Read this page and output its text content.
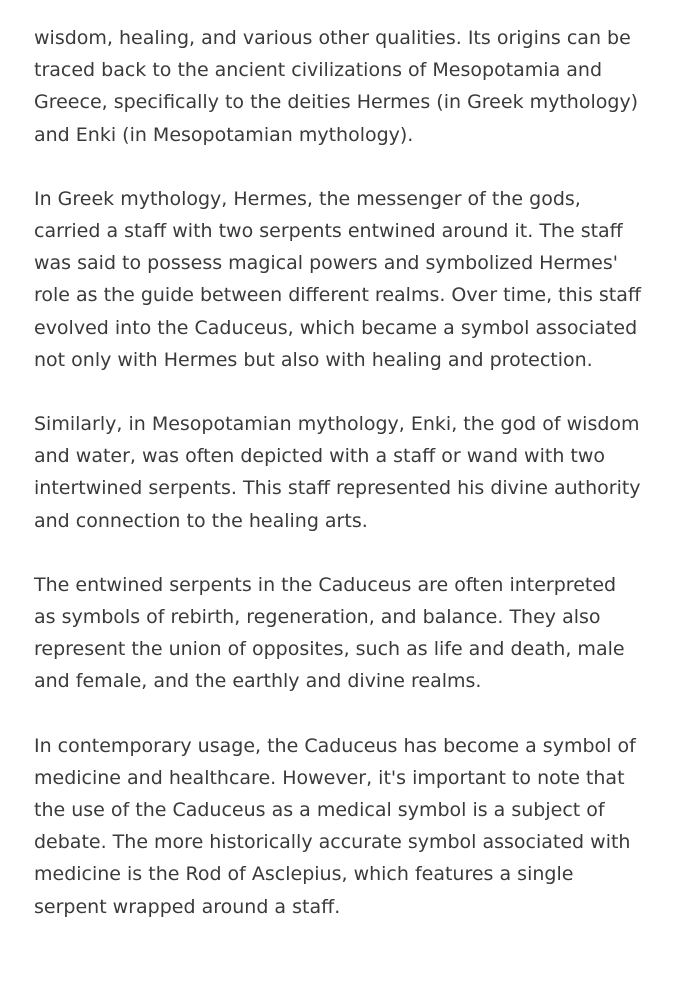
wisdom, healing, and various other qualities. Its origins can be
traced back to the ancient civilizations of Mesopotamia and
Greece, specifically to the deities Hermes (in Greek mythology)
and Enki (in Mesopotamian mythology).

In Greek mythology, Hermes, the messenger of the gods,
carried a staff with two serpents entwined around it. The staff
was said to possess magical powers and symbolized Hermes'
role as the guide between different realms. Over time, this staff
evolved into the Caduceus, which became a symbol associated
not only with Hermes but also with healing and protection.

Similarly, in Mesopotamian mythology, Enki, the god of wisdom
and water, was often depicted with a staff or wand with two
intertwined serpents. This staff represented his divine authority
and connection to the healing arts.

The entwined serpents in the Caduceus are often interpreted
as symbols of rebirth, regeneration, and balance. They also
represent the union of opposites, such as life and death, male
and female, and the earthly and divine realms.

In contemporary usage, the Caduceus has become a symbol of
medicine and healthcare. However, it's important to note that
the use of the Caduceus as a medical symbol is a subject of
debate. The more historically accurate symbol associated with
medicine is the Rod of Asclepius, which features a single
serpent wrapped around a staff.
